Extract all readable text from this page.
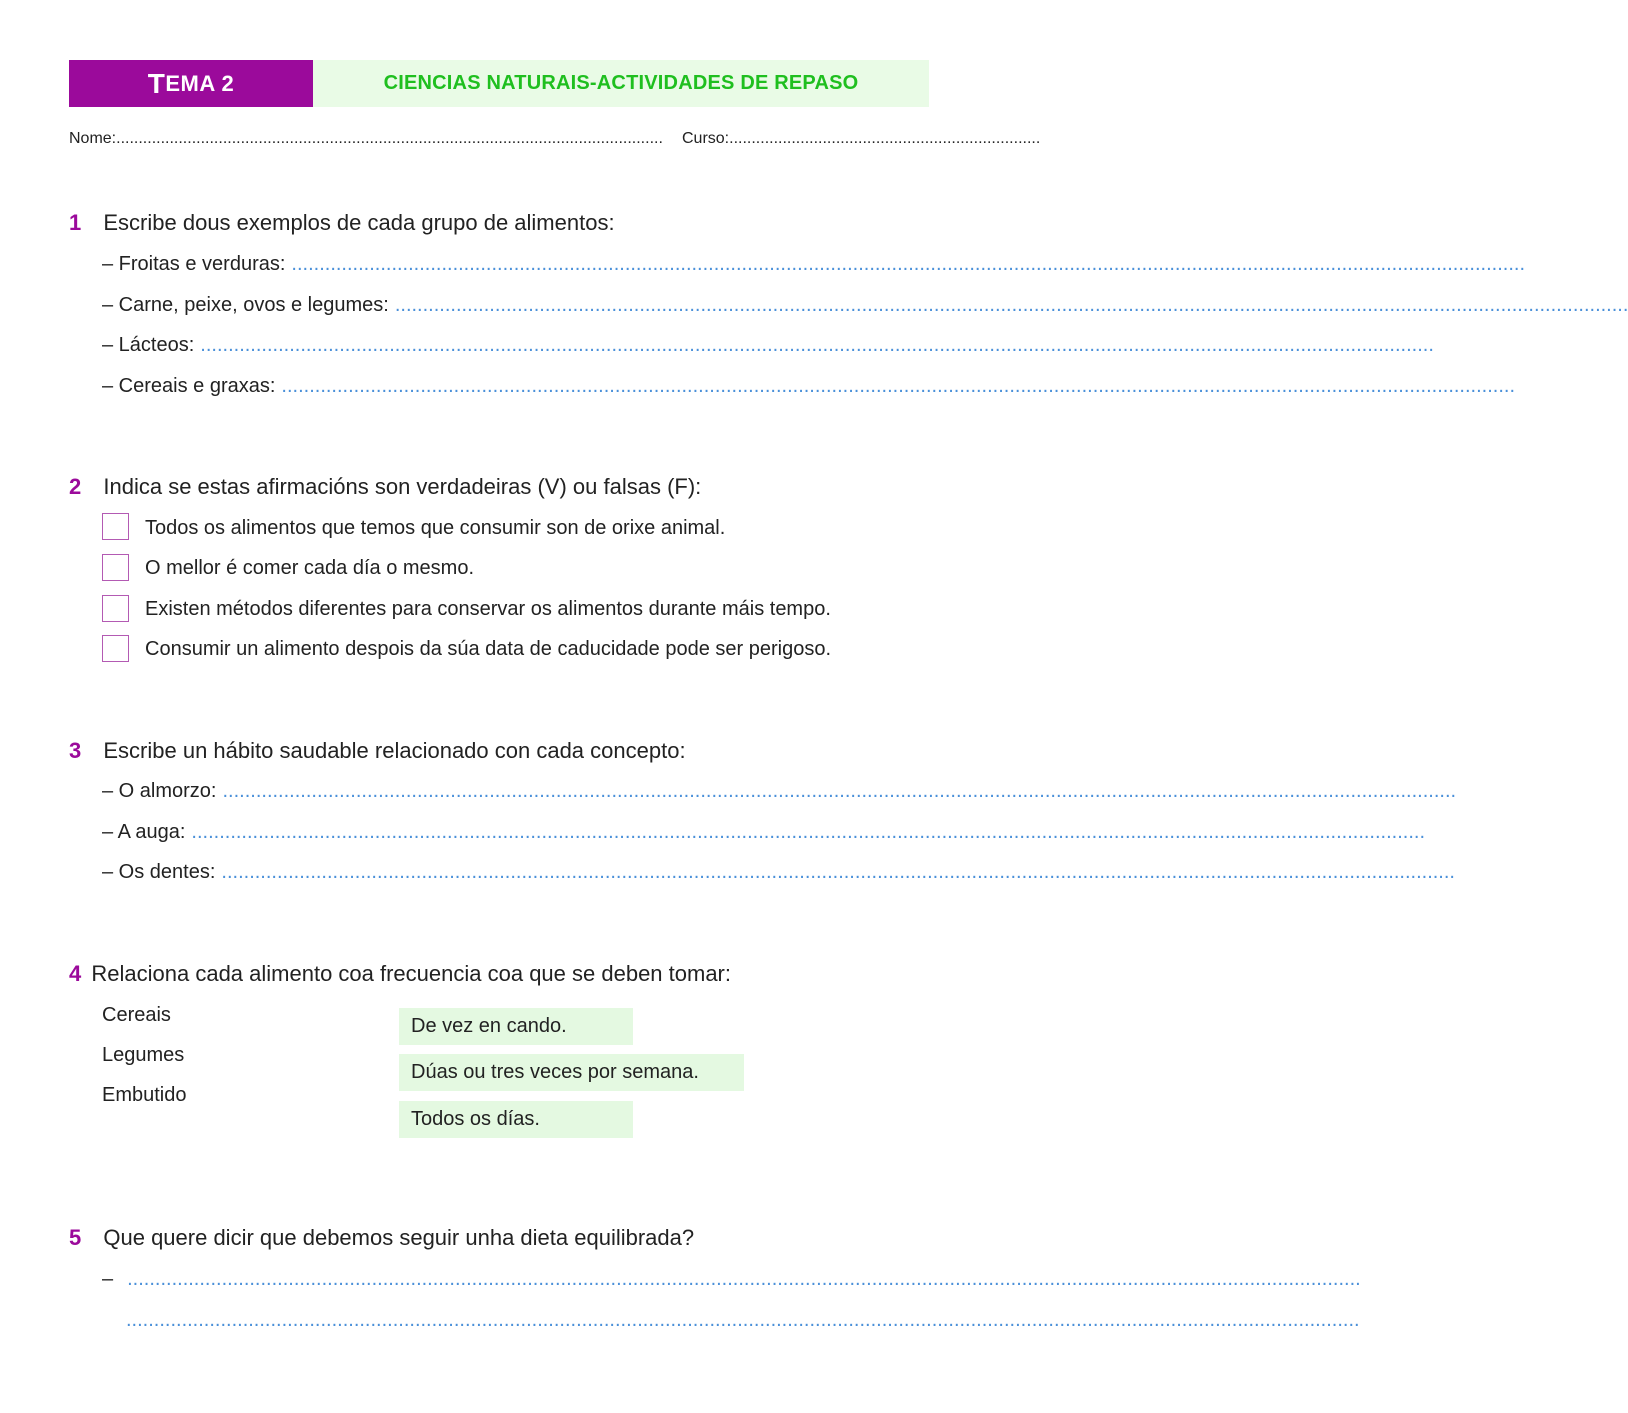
T EMA 2	CIENCIAS NATURAIS-ACTIVIDADES DE REPASO
Nome:........................................................................................................................... Curso:......................................................................
1 Escribe dous exemplos de cada grupo de alimentos:
– Froitas e verduras: ..............................................................................................................................................................................................................................
– Carne, peixe, ovos e legumes: ..............................................................................................................................................................................................................................
– Lácteos: ..............................................................................................................................................................................................................................
– Cereais e graxas: ..............................................................................................................................................................................................................................
2 Indica se estas afirmacións son verdadeiras (V) ou falsas (F):
Todos os alimentos que temos que consumir son de orixe animal.
O mellor é comer cada día o mesmo.
Existen métodos diferentes para conservar os alimentos durante máis tempo.
Consumir un alimento despois da súa data de caducidade pode ser perigoso.
3 Escribe un hábito saudable relacionado con cada concepto:
– O almorzo: ..............................................................................................................................................................................................................................
– A auga: ..............................................................................................................................................................................................................................
– Os dentes: ..............................................................................................................................................................................................................................
4 Relaciona cada alimento coa frecuencia coa que se deben tomar:
Cereais
Legumes
Embutido
De vez en cando.
Dúas ou tres veces por semana.
Todos os días.
5 Que quere dicir que debemos seguir unha dieta equilibrada?
– ..............................................................................................................................................................................................................................
..............................................................................................................................................................................................................................
